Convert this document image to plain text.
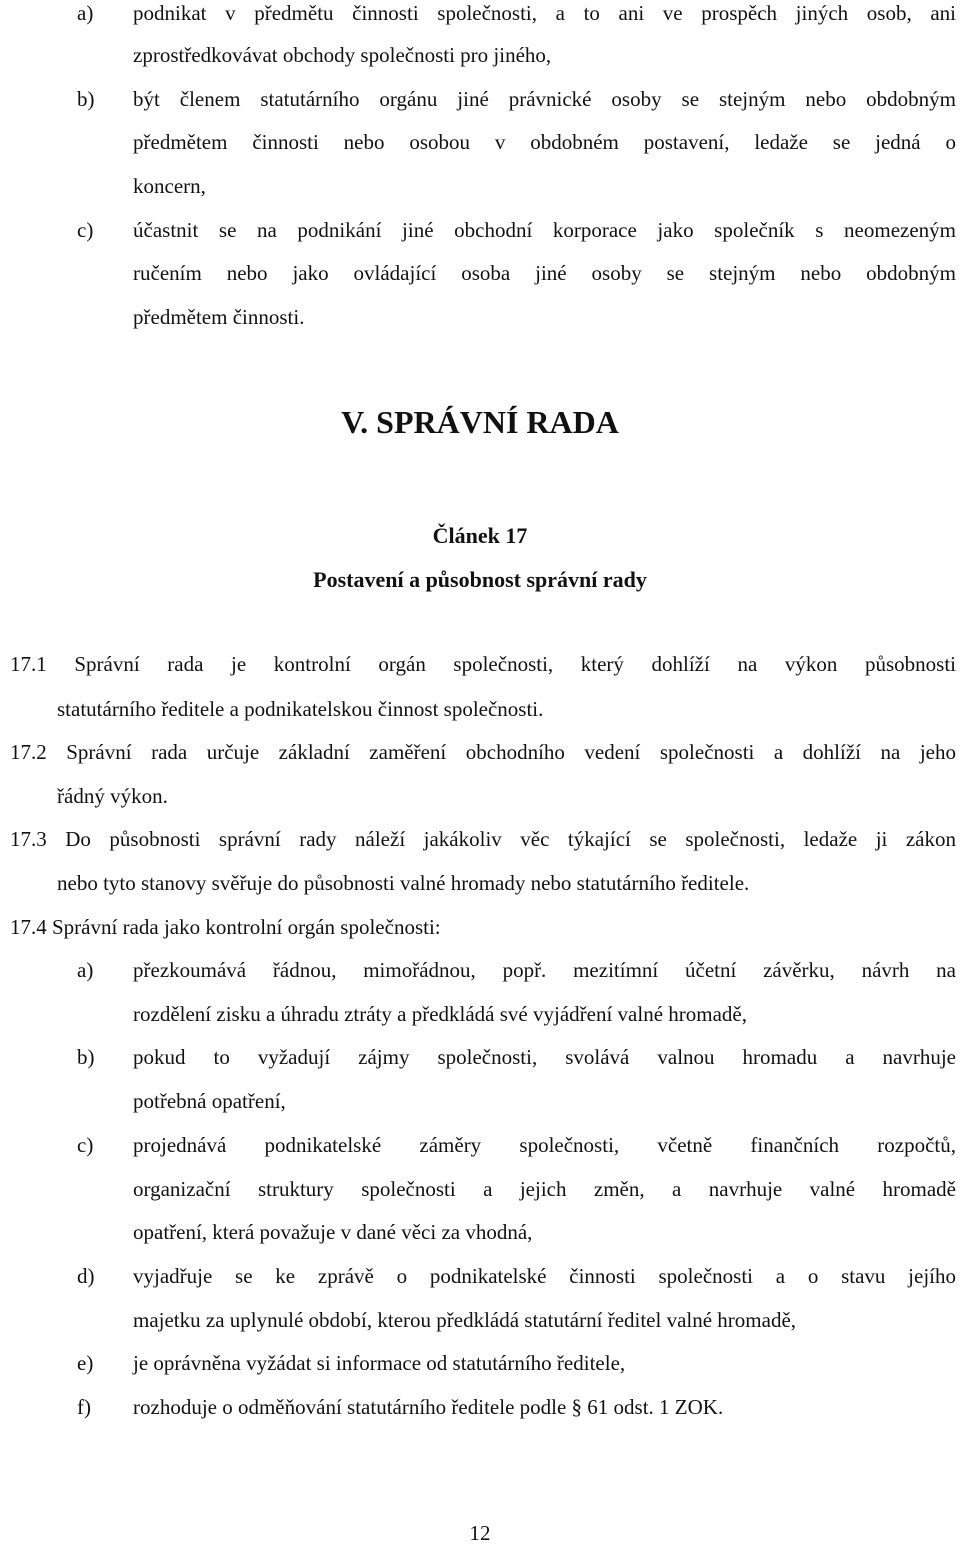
a) podnikat v předmětu činnosti společnosti, a to ani ve prospěch jiných osob, ani
zprostředkovávat obchody společnosti pro jiného,
b) být členem statutárního orgánu jiné právnické osoby se stejným nebo obdobným
předmětem činnosti nebo osobou v obdobném postavení, ledaže se jedná o
koncern,
c) účastnit se na podnikání jiné obchodní korporace jako společník s neomezeným
ručením nebo jako ovládající osoba jiné osoby se stejným nebo obdobným
předmětem činnosti.
V. SPRÁVNÍ RADA
Článek 17
Postavení a působnost správní rady
17.1 Správní rada je kontrolní orgán společnosti, který dohlíží na výkon působnosti
statutárního ředitele a podnikatelskou činnost společnosti.
17.2 Správní rada určuje základní zaměření obchodního vedení společnosti a dohlíží na jeho
řádný výkon.
17.3 Do působnosti správní rady náleží jakákoliv věc týkající se společnosti, ledaže ji zákon
nebo tyto stanovy svěřuje do působnosti valné hromady nebo statutárního ředitele.
17.4 Správní rada jako kontrolní orgán společnosti:
a) přezkoumává řádnou, mimořádnou, popř. mezitímní účetní závěrku, návrh na
rozdělení zisku a úhradu ztráty a předkládá své vyjádření valné hromadě,
b) pokud to vyžadují zájmy společnosti, svolává valnou hromadu a navrhuje
potřebná opatření,
c) projednává podnikatelské záměry společnosti, včetně finančních rozpočtů,
organizační struktury společnosti a jejich změn, a navrhuje valné hromadě
opatření, která považuje v dané věci za vhodná,
d) vyjadřuje se ke zprávě o podnikatelské činnosti společnosti a o stavu jejího
majetku za uplynulé období, kterou předkládá statutární ředitel valné hromadě,
e) je oprávněna vyžádat si informace od statutárního ředitele,
f) rozhoduje o odměňování statutárního ředitele podle § 61 odst. 1 ZOK.
12
